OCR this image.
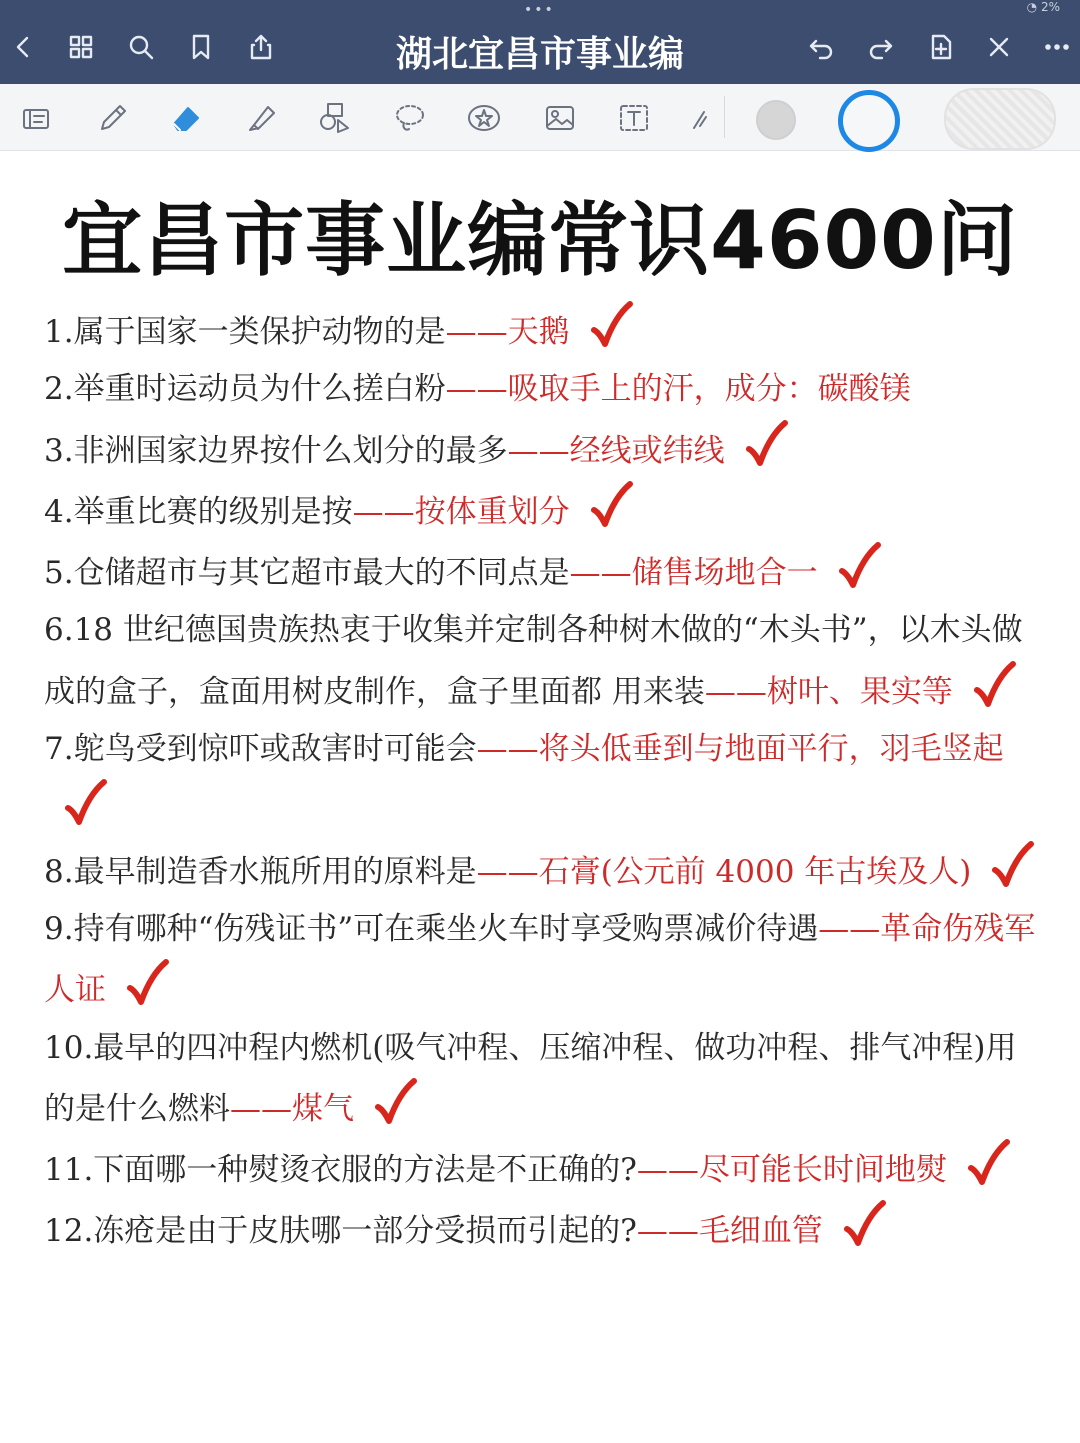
•••	◔ 2%
湖北宜昌市事业编
宜昌市事业编常识4600问

1.属于国家一类保护动物的是——天鹅

2.举重时运动员为什么搓白粉——吸取手上的汗，成分：碳酸镁

3.非洲国家边界按什么划分的最多——经线或纬线

4.举重比赛的级别是按——按体重划分

5.仓储超市与其它超市最大的不同点是——储售场地合一

6.18 世纪德国贵族热衷于收集并定制各种树木做的“木头书”，以木头做成的盒子，盒面用树皮制作，盒子里面都 用来装——树叶、果实等

7.鸵鸟受到惊吓或敌害时可能会——将头低垂到与地面平行，羽毛竖起

8.最早制造香水瓶所用的原料是——石膏(公元前 4000 年古埃及人)

9.持有哪种“伤残证书”可在乘坐火车时享受购票减价待遇——革命伤残军人证

10.最早的四冲程内燃机(吸气冲程、压缩冲程、做功冲程、排气冲程)用的是什么燃料——煤气

11.下面哪一种熨烫衣服的方法是不正确的?——尽可能长时间地熨

12.冻疮是由于皮肤哪一部分受损而引起的?——毛细血管
